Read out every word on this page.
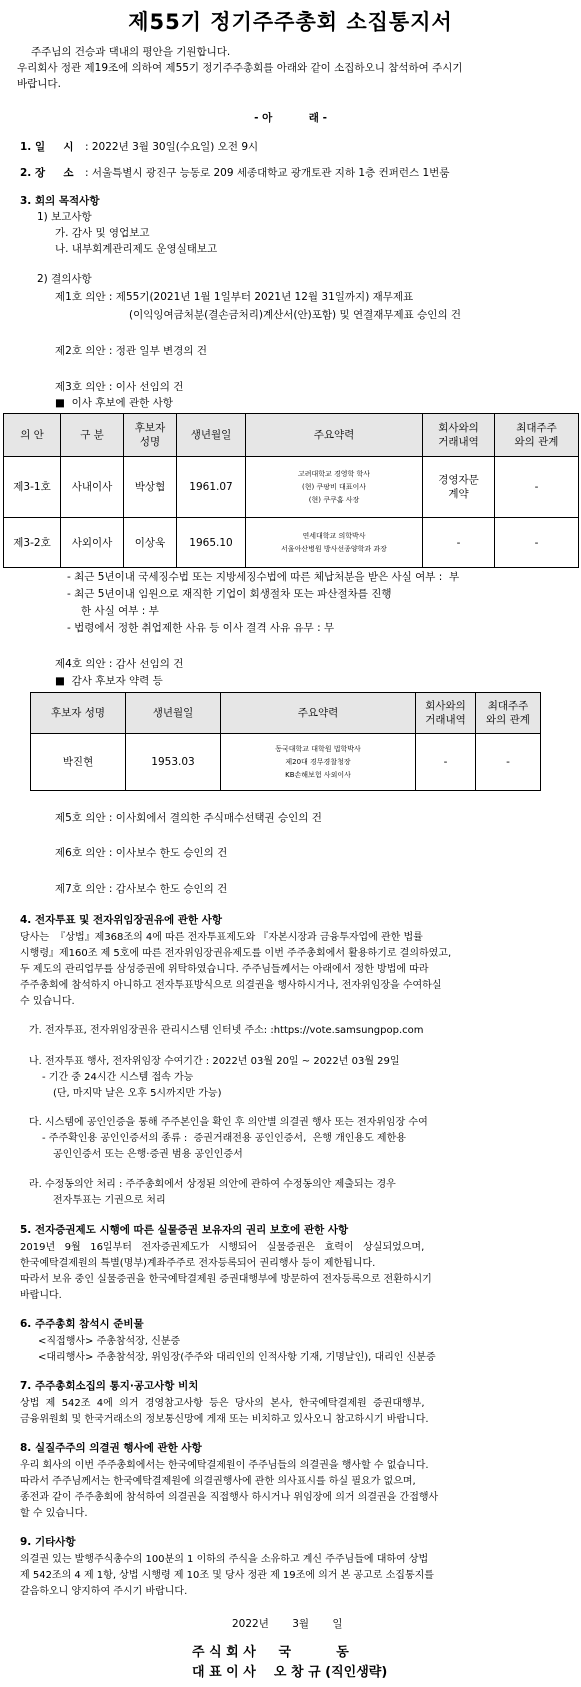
제55기 정기주주총회 소집통지서
주주님의 건승과 댁내의 평안을 기원합니다.
우리회사 정관 제19조에 의하여 제55기 정기주주총회를 아래와 같이 소집하오니 참석하여 주시기
바랍니다.
- 아          래 -
1. 일     시 : 2022년 3월 30일(수요일) 오전 9시
2. 장     소 : 서울특별시 광진구 능동로 209 세종대학교 광개토관 지하 1층 컨퍼런스 1번룸
3. 회의 목적사항
1) 보고사항
가. 감사 및 영업보고
나. 내부회계관리제도 운영실태보고
2) 결의사항
제1호 의안 : 제55기(2021년 1월 1일부터 2021년 12월 31일까지) 재무제표
(이익잉여금처분(결손금처리)계산서(안)포함) 및 연결재무제표 승인의 건
제2호 의안 : 정관 일부 변경의 건
제3호 의안 : 이사 선임의 건
■  이사 후보에 관한 사항
의 안	구 분	후보자
성명	생년월일	주요약력	회사와의
거래내역	최대주주
와의 관계
제3-1호	사내이사	박상협	1961.07	고려대학교 경영학 학사
(현) 쿠팡비 대표이사
(현) 쿠쿠홈 사장	경영자문
계약	-
제3-2호	사외이사	이상욱	1965.10	연세대학교 의학박사
서울아산병원 방사선종양학과 과장	-	-
- 최근 5년이내 국세징수법 또는 지방세징수법에 따른 체납처분을 받은 사실 여부 :  부
- 최근 5년이내 임원으로 재직한 기업이 회생절차 또는 파산절차를 진행
한 사실 여부 : 부
- 법령에서 정한 취업제한 사유 등 이사 결격 사유 유무 : 무
제4호 의안 : 감사 선임의 건
■  감사 후보자 약력 등
후보자 성명	생년월일	주요약력	회사와의
거래내역	최대주주
와의 관계
박진현	1953.03	동국대학교 대학원 법학박사
제20대 경무경찰청장
KB손해보험 사외이사	-	-
제5호 의안 : 이사회에서 결의한 주식매수선택권 승인의 건
제6호 의안 : 이사보수 한도 승인의 건
제7호 의안 : 감사보수 한도 승인의 건
4. 전자투표 및 전자위임장권유에 관한 사항
당사는  『상법』제368조의 4에 따른 전자투표제도와 『자본시장과 금융투자업에 관한 법률
시행령』제160조 제 5호에 따른 전자위임장권유제도를 이번 주주총회에서 활용하기로 결의하였고,
두 제도의 관리업무를 삼성증권에 위탁하였습니다. 주주님들께서는 아래에서 정한 방법에 따라
주주총회에 참석하지 아니하고 전자투표방식으로 의결권을 행사하시거나, 전자위임장을 수여하실
수 있습니다.
가. 전자투표, 전자위임장권유 관리시스템 인터넷 주소: :https://vote.samsungpop.com
나. 전자투표 행사, 전자위임장 수여기간 : 2022년 03월 20일 ~ 2022년 03월 29일
- 기간 중 24시간 시스템 접속 가능
(단, 마지막 날은 오후 5시까지만 가능)
다. 시스템에 공인인증을 통해 주주본인을 확인 후 의안별 의결권 행사 또는 전자위임장 수여
- 주주확인용 공인인증서의 종류 :  증권거래전용 공인인증서,  은행 개인용도 제한용
공인인증서 또는 은행·증권 범용 공인인증서
라. 수정동의안 처리 : 주주총회에서 상정된 의안에 관하여 수정동의안 제출되는 경우
전자투표는 기권으로 처리
5. 전자증권제도 시행에 따른 실물증권 보유자의 권리 보호에 관한 사항
2019년   9월   16일부터   전자증권제도가   시행되어   실물증권은   효력이   상실되었으며,
한국예탁결제원의 특별(명부)계좌주주로 전자등록되어 권리행사 등이 제한됩니다.
따라서 보유 중인 실물증권을 한국예탁결제원 증권대행부에 방문하여 전자등록으로 전환하시기
바랍니다.
6. 주주총회 참석시 준비물
<직접행사> 주총참석장, 신분증
<대리행사> 주총참석장, 위임장(주주와 대리인의 인적사항 기재, 기명날인), 대리인 신분증
7. 주주총회소집의 통지·공고사항 비치
상법  제  542조  4에  의거  경영참고사항  등은  당사의  본사,  한국예탁결제원  증권대행부,
금융위원회 및 한국거래소의 정보통신망에 게재 또는 비치하고 있사오니 참고하시기 바랍니다.
8. 실질주주의 의결권 행사에 관한 사항
우리 회사의 이번 주주총회에서는 한국예탁결제원이 주주님들의 의결권을 행사할 수 없습니다.
따라서 주주님께서는 한국예탁결제원에 의결권행사에 관한 의사표시를 하실 필요가 없으며,
종전과 같이 주주총회에 참석하여 의결권을 직접행사 하시거나 위임장에 의거 의결권을 간접행사
할 수 있습니다.
9. 기타사항
의결권 있는 발행주식총수의 100분의 1 이하의 주식을 소유하고 계신 주주님들에 대하여 상법
제 542조의 4 제 1항, 상법 시행령 제 10조 및 당사 정관 제 19조에 의거 본 공고로 소집통지를
갈음하오니 양지하여 주시기 바랍니다.
2022년       3월       일
주 식 회 사     국          동
대 표 이 사    오 창 규 (직인생략)
